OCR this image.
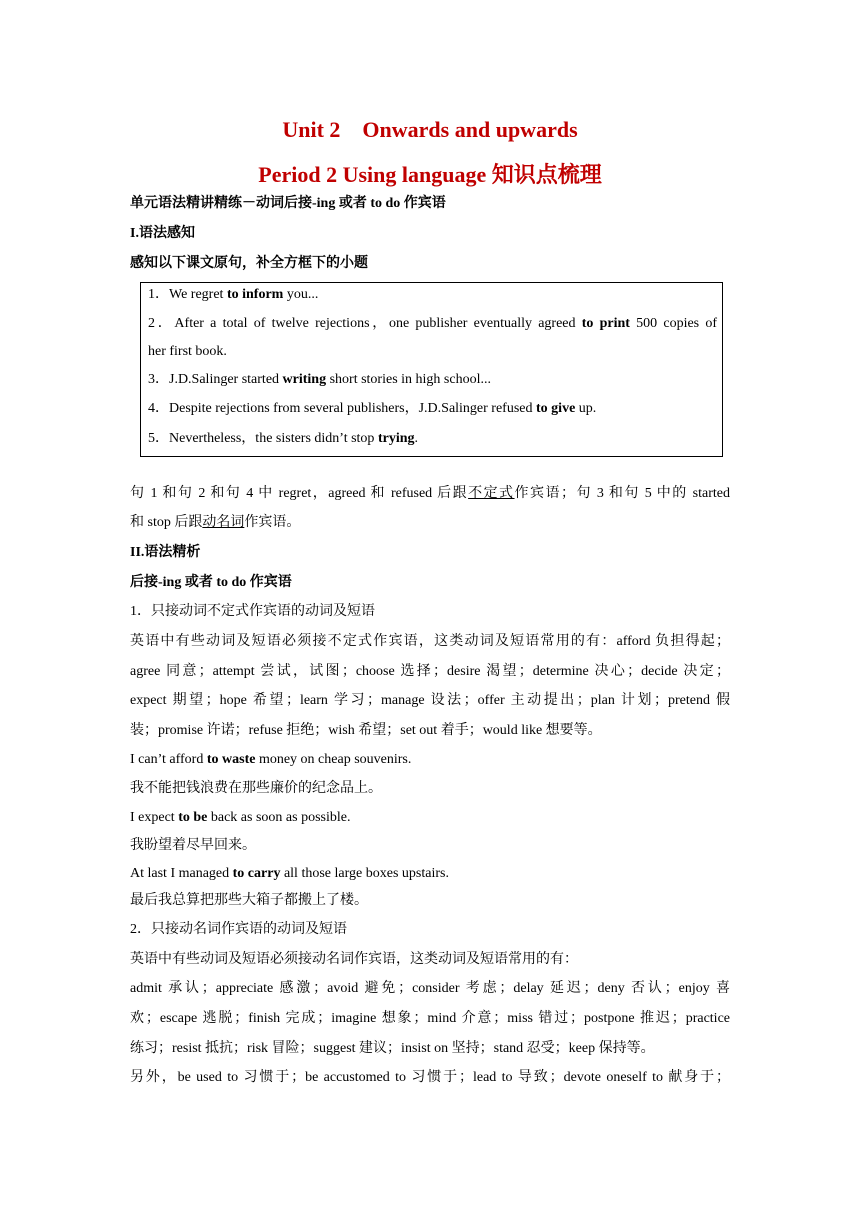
Unit 2　Onwards and upwards
Period 2 Using language 知识点梳理
单元语法精讲精练－动词后接-ing 或者 to do 作宾语
I.语法感知
感知以下课文原句，补全方框下的小题
1．We regret to inform you...
2．After a total of twelve rejections，one publisher eventually agreed to print 500 copies of
her first book.
3．J.D.Salinger started writing short stories in high school...
4．Despite rejections from several publishers，J.D.Salinger refused to give up.
5．Nevertheless，the sisters didn’t stop trying.
句 1 和句 2 和句 4 中 regret，agreed 和 refused 后跟不定式作宾语；句 3 和句 5 中的 started
和 stop 后跟动名词作宾语。
II.语法精析
后接-ing 或者 to do 作宾语
1．只接动词不定式作宾语的动词及短语
英语中有些动词及短语必须接不定式作宾语，这类动词及短语常用的有：afford 负担得起；
agree 同意；attempt 尝试，试图；choose 选择；desire 渴望；determine 决心；decide 决定；
expect 期望；hope 希望；learn 学习；manage 设法；offer 主动提出；plan 计划；pretend 假
装；promise 许诺；refuse 拒绝；wish 希望；set out 着手；would like 想要等。
I can’t afford to waste money on cheap souvenirs.
我不能把钱浪费在那些廉价的纪念品上。
I expect to be back as soon as possible.
我盼望着尽早回来。
At last I managed to carry all those large boxes upstairs.
最后我总算把那些大箱子都搬上了楼。
2．只接动名词作宾语的动词及短语
英语中有些动词及短语必须接动名词作宾语，这类动词及短语常用的有：
admit 承认；appreciate 感激；avoid 避免；consider 考虑；delay 延迟；deny 否认；enjoy 喜
欢；escape 逃脱；finish 完成；imagine 想象；mind 介意；miss 错过；postpone 推迟；practice
练习；resist 抵抗；risk 冒险；suggest 建议；insist on 坚持；stand 忍受；keep 保持等。
另外，be used to 习惯于；be accustomed to 习惯于；lead to 导致；devote oneself to 献身于；
